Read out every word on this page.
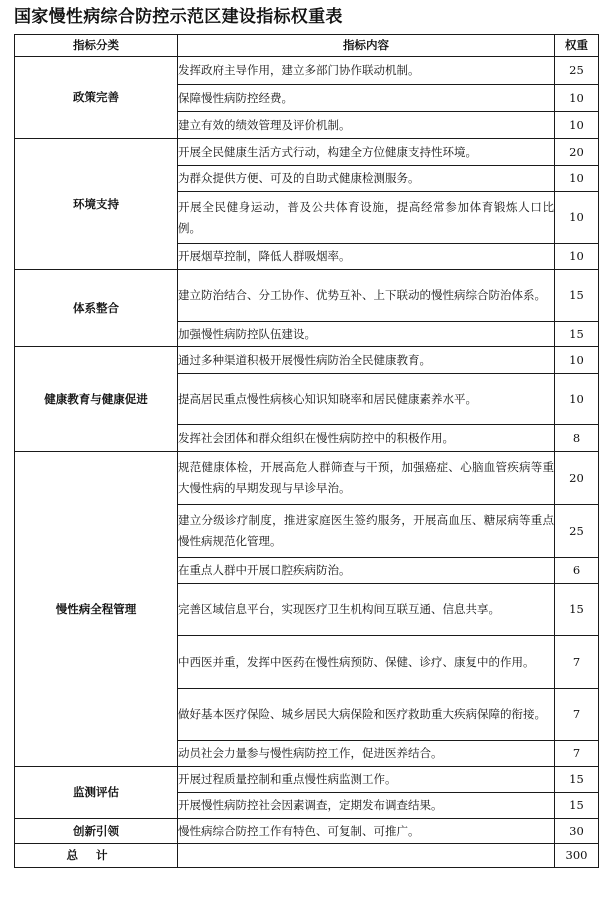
国家慢性病综合防控示范区建设指标权重表
指标分类	指标内容	权重
政策完善	发挥政府主导作用，建立多部门协作联动机制。	25
	保障慢性病防控经费。	10
	建立有效的绩效管理及评价机制。	10
环境支持	开展全民健康生活方式行动，构建全方位健康支持性环境。	20
	为群众提供方便、可及的自助式健康检测服务。	10
	开展全民健身运动，普及公共体育设施，提高经常参加体育锻炼人口比例。	10
	开展烟草控制，降低人群吸烟率。	10
体系整合	建立防治结合、分工协作、优势互补、上下联动的慢性病综合防治体系。	15
	加强慢性病防控队伍建设。	15
健康教育与健康促进	通过多种渠道积极开展慢性病防治全民健康教育。	10
	提高居民重点慢性病核心知识知晓率和居民健康素养水平。	10
	发挥社会团体和群众组织在慢性病防控中的积极作用。	8
慢性病全程管理	规范健康体检，开展高危人群筛查与干预，加强癌症、心脑血管疾病等重大慢性病的早期发现与早诊早治。	20
	建立分级诊疗制度，推进家庭医生签约服务，开展高血压、糖尿病等重点慢性病规范化管理。	25
	在重点人群中开展口腔疾病防治。	6
	完善区域信息平台，实现医疗卫生机构间互联互通、信息共享。	15
	中西医并重，发挥中医药在慢性病预防、保健、诊疗、康复中的作用。	7
	做好基本医疗保险、城乡居民大病保险和医疗救助重大疾病保障的衔接。	7
	动员社会力量参与慢性病防控工作，促进医养结合。	7
监测评估	开展过程质量控制和重点慢性病监测工作。	15
	开展慢性病防控社会因素调查，定期发布调查结果。	15
创新引领	慢性病综合防控工作有特色、可复制、可推广。	30
总计		300
